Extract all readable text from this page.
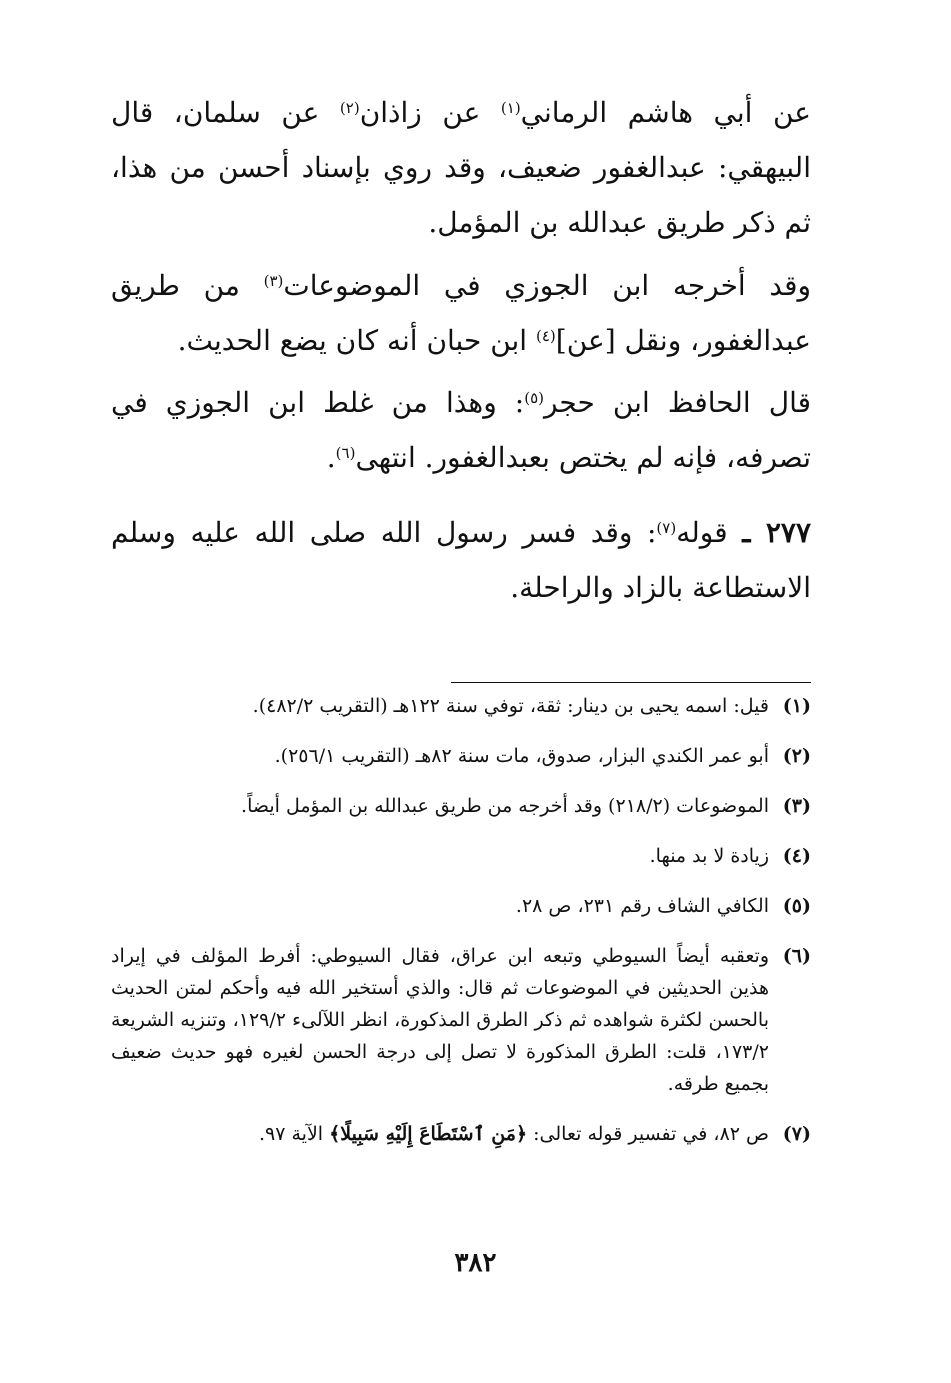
عن أبي هاشم الرماني$^{(١)}$ عن زاذان$^{(٢)}$ عن سلمان، قال البيهقي: عبدالغفور ضعيف، وقد روي بإسناد أحسن من هذا، ثم ذكر طريق عبدالله بن المؤمل.

وقد أخرجه ابن الجوزي في الموضوعات$^{(٣)}$ من طريق عبدالغفور، ونقل [عن]$^{(٤)}$ ابن حبان أنه كان يضع الحديث.

قال الحافظ ابن حجر$^{(٥)}$: وهذا من غلط ابن الجوزي في تصرفه، فإنه لم يختص بعبدالغفور. انتهى$^{(٦)}$.

٢٧٧ ـ قوله$^{(٧)}$: وقد فسر رسول الله صلى الله عليه وسلم الاستطاعة بالزاد والراحلة.

(١)
قيل: اسمه يحيى بن دينار: ثقة، توفي سنة ١٢٢هـ (التقريب ٤٨٢/٢).
(٢)
أبو عمر الكندي البزار، صدوق، مات سنة ٨٢هـ (التقريب ٢٥٦/١).
(٣)
الموضوعات (٢١٨/٢) وقد أخرجه من طريق عبدالله بن المؤمل أيضاً.
(٤)
زيادة لا بد منها.
(٥)
الكافي الشاف رقم ٢٣١، ص ٢٨.
(٦)
وتعقبه أيضاً السيوطي وتبعه ابن عراق، فقال السيوطي: أفرط المؤلف في إيراد هذين الحديثين في الموضوعات ثم قال: والذي أستخير الله فيه وأحكم لمتن الحديث بالحسن لكثرة شواهده ثم ذكر الطرق المذكورة، انظر اللآلىء ١٢٩/٢، وتنزيه الشريعة ١٧٣/٢، قلت: الطرق المذكورة لا تصل إلى درجة الحسن لغيره فهو حديث ضعيف بجميع طرقه.
(٧)
ص ٨٢، في تفسير قوله تعالى: ﴿مَنِ ٱسْتَطَاعَ إِلَيْهِ سَبِيلًا﴾ الآية ٩٧.
٣٨٢
